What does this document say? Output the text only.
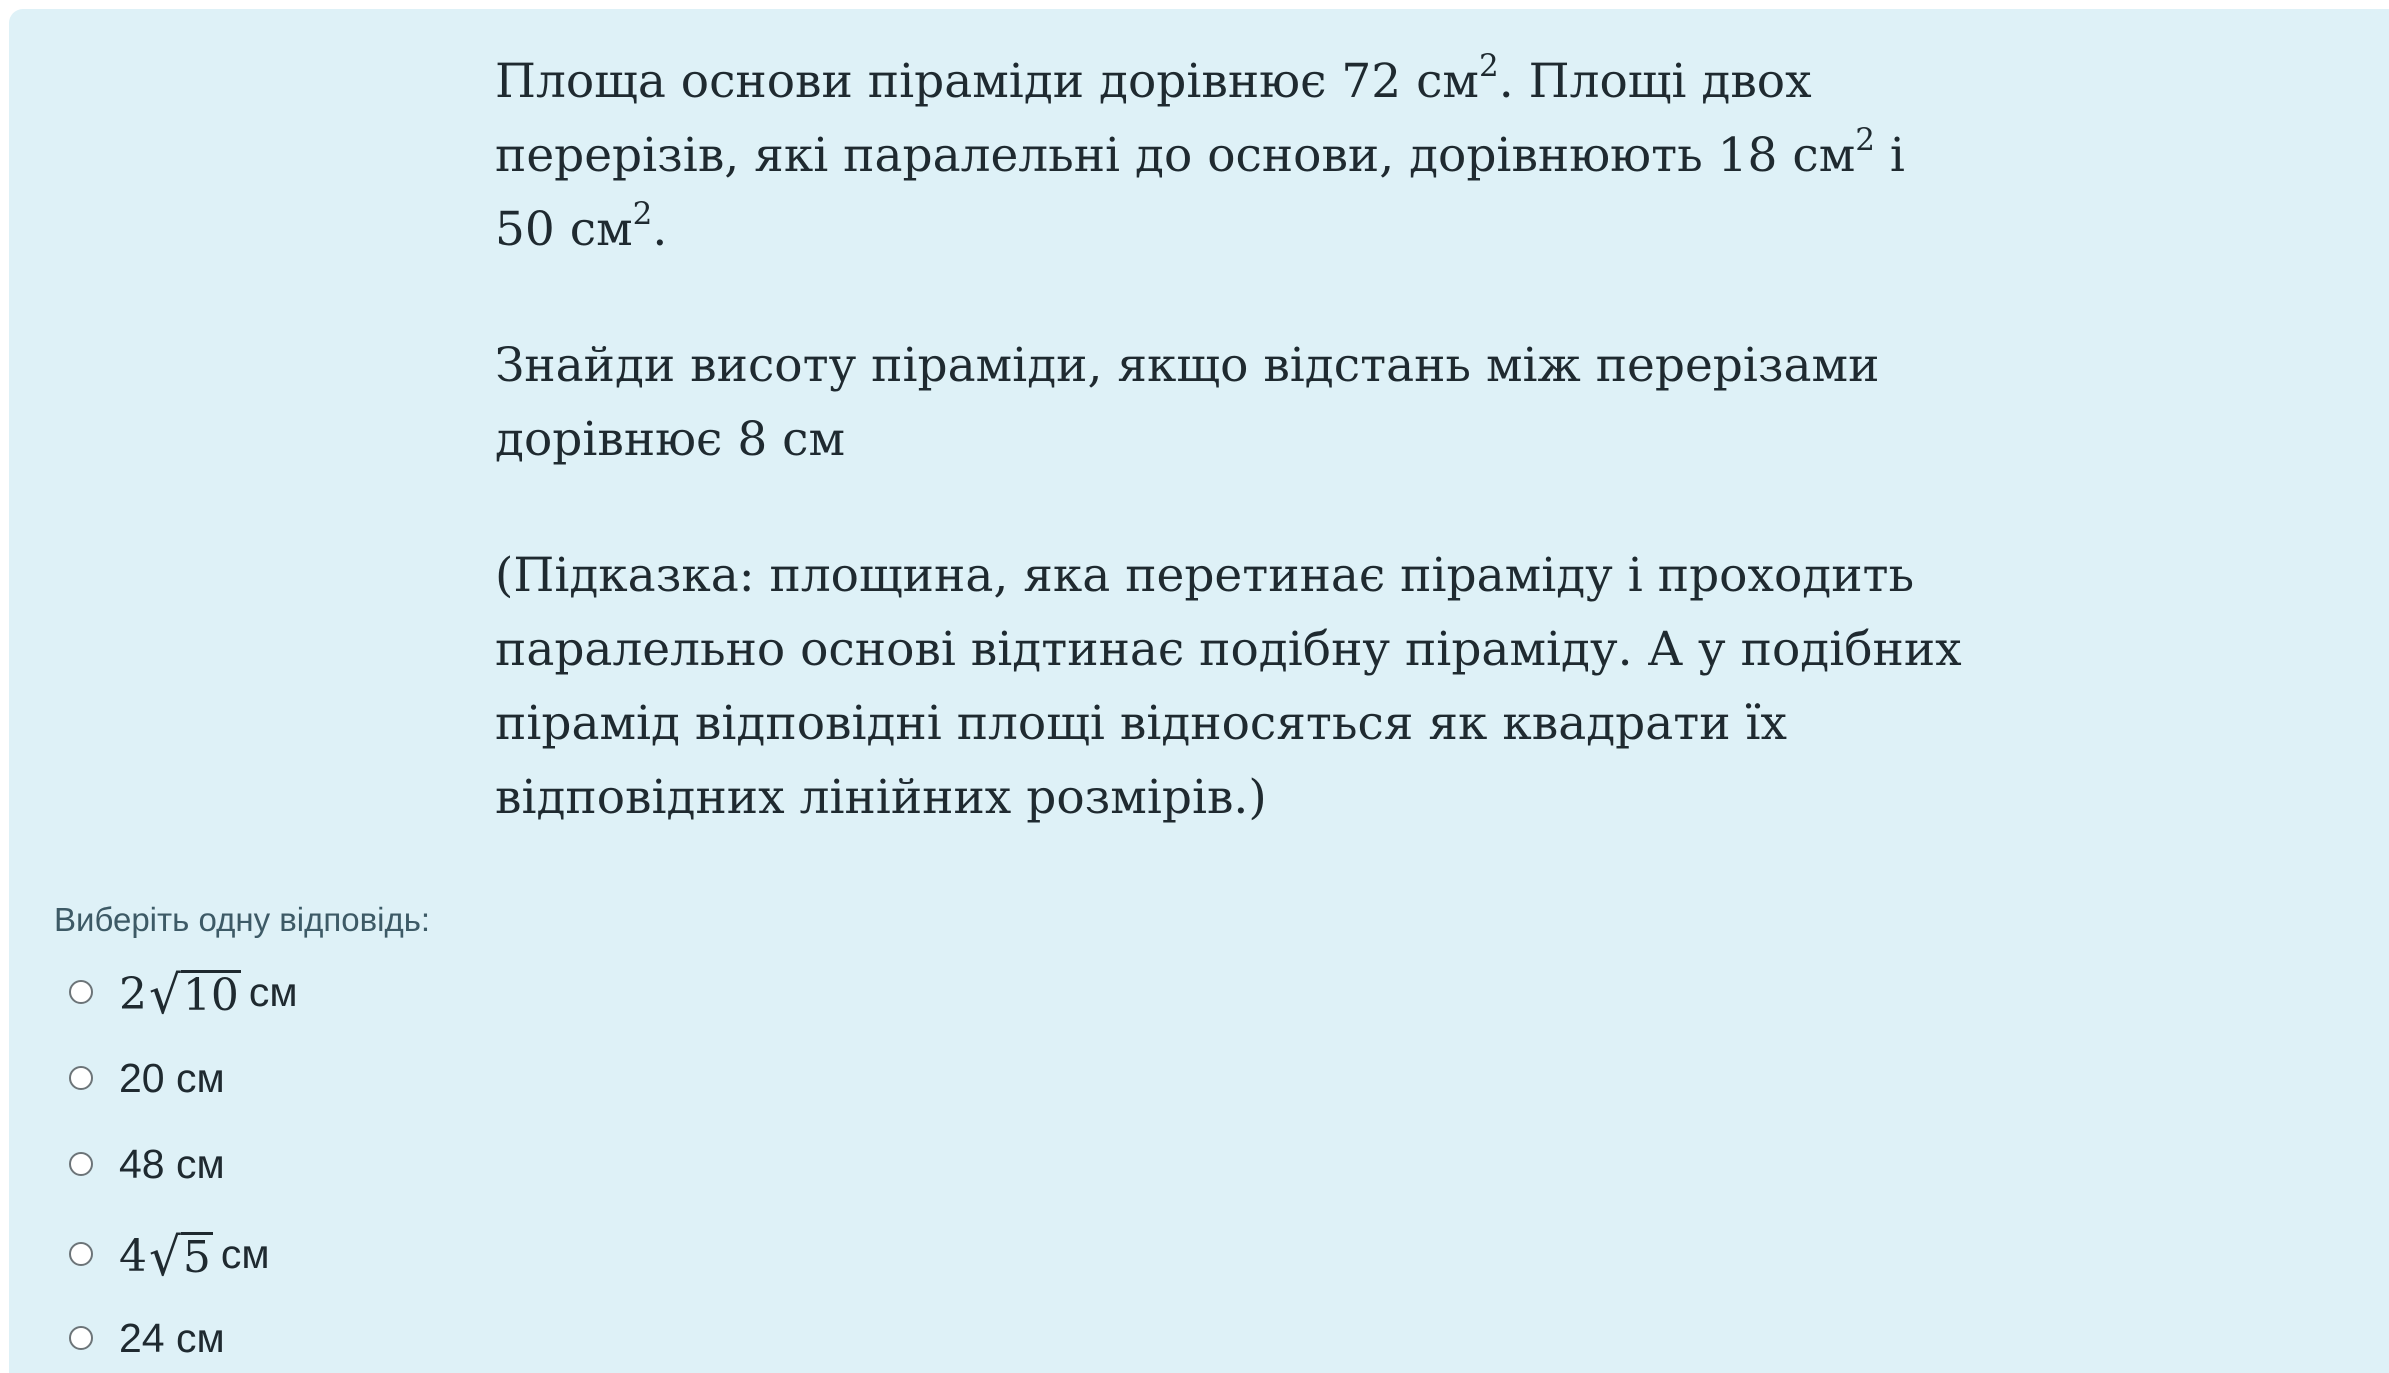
Площа основи піраміди дорівнює 72 $см^2$. Площі двох перерізів, які паралельні до основи, дорівнюють 18 $см^2$ і 50 $см^2$.

Знайди висоту піраміди, якщо відстань між перерізами дорівнює 8 см

(Підказка: площина, яка перетинає піраміду і проходить паралельно основі відтинає подібну піраміду. А у подібних пірамід відповідні площі відносяться як квадрати їх відповідних лінійних розмірів.)

Виберіть одну відповідь:
2 √ 10 см
20 см
48 см
4 √ 5 см
24 см
